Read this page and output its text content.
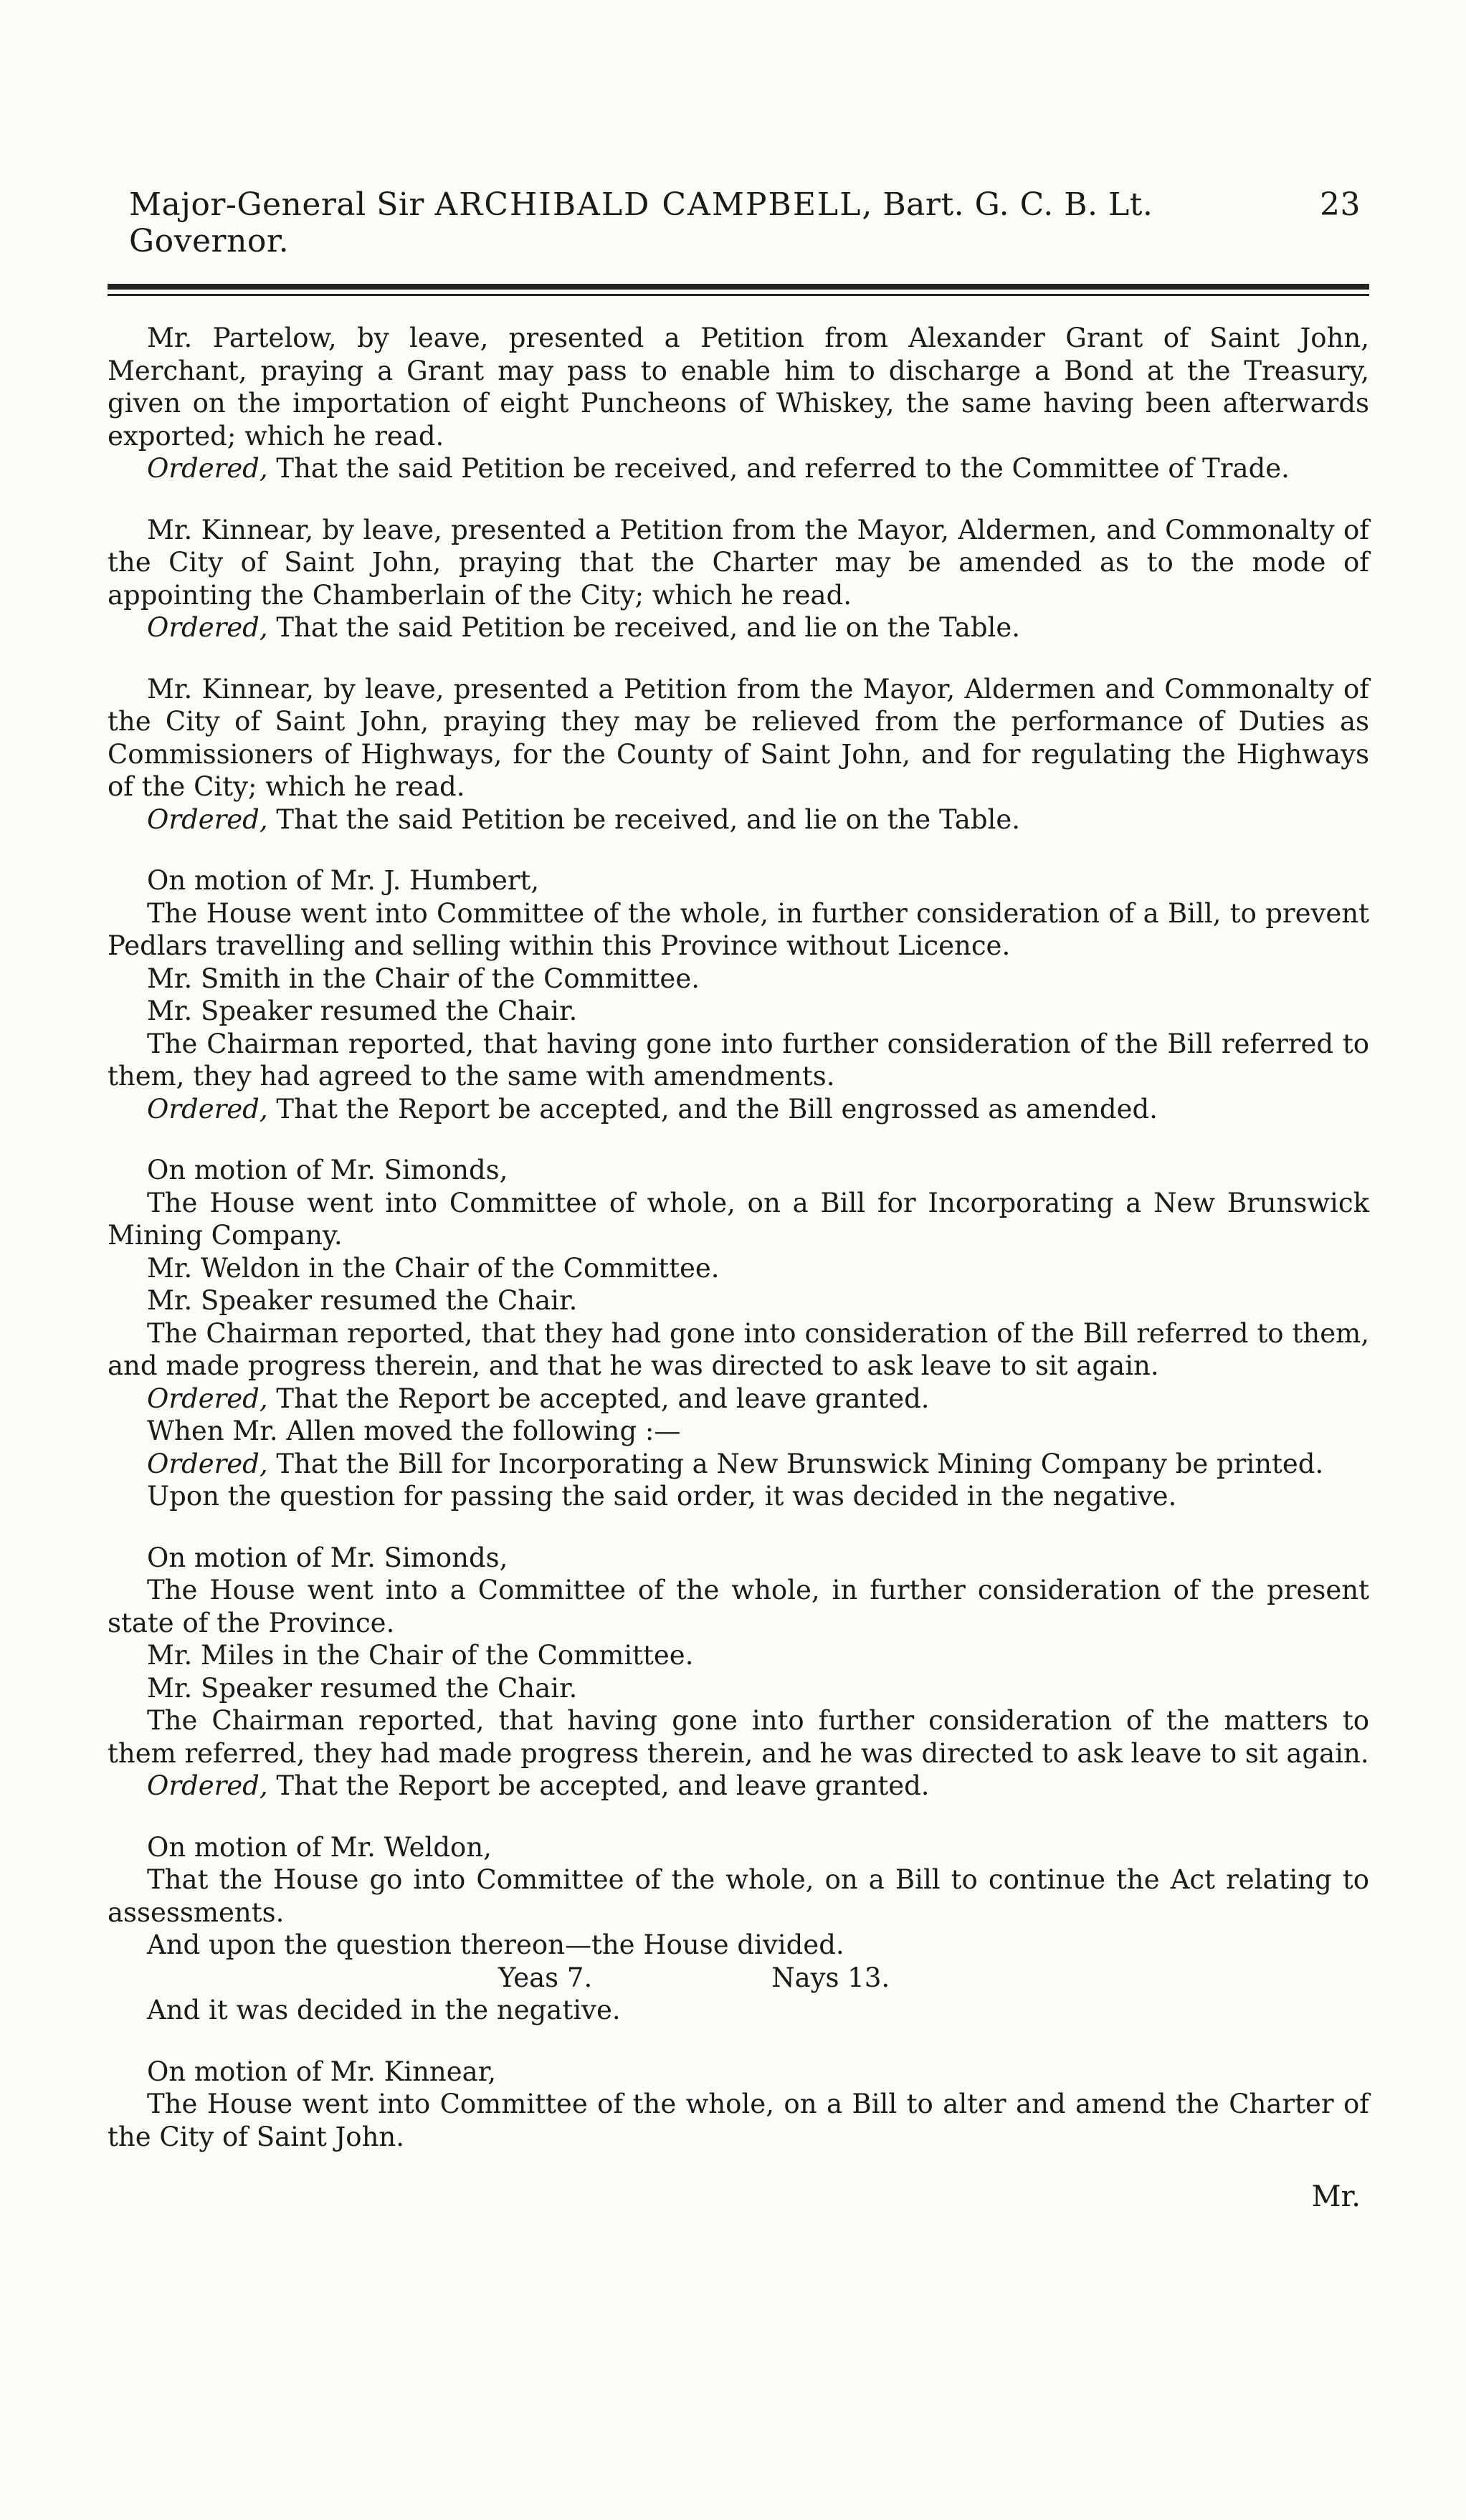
Major-General Sir ARCHIBALD CAMPBELL, Bart. G. C. B. Lt. Governor.
23

Mr. Partelow, by leave, presented a Petition from Alexander Grant of Saint John, Merchant, praying a Grant may pass to enable him to discharge a Bond at the Treasury, given on the importation of eight Puncheons of Whiskey, the same having been afterwards exported; which he read.

Ordered, That the said Petition be received, and referred to the Committee of Trade.

Mr. Kinnear, by leave, presented a Petition from the Mayor, Aldermen, and Commonalty of the City of Saint John, praying that the Charter may be amended as to the mode of appointing the Chamberlain of the City; which he read.

Ordered, That the said Petition be received, and lie on the Table.

Mr. Kinnear, by leave, presented a Petition from the Mayor, Aldermen and Commonalty of the City of Saint John, praying they may be relieved from the performance of Duties as Commissioners of Highways, for the County of Saint John, and for regulating the Highways of the City; which he read.

Ordered, That the said Petition be received, and lie on the Table.

On motion of Mr. J. Humbert,

The House went into Committee of the whole, in further consideration of a Bill, to prevent Pedlars travelling and selling within this Province without Licence.

Mr. Smith in the Chair of the Committee.

Mr. Speaker resumed the Chair.

The Chairman reported, that having gone into further consideration of the Bill referred to them, they had agreed to the same with amendments.

Ordered, That the Report be accepted, and the Bill engrossed as amended.

On motion of Mr. Simonds,

The House went into Committee of whole, on a Bill for Incorporating a New Brunswick Mining Company.

Mr. Weldon in the Chair of the Committee.

Mr. Speaker resumed the Chair.

The Chairman reported, that they had gone into consideration of the Bill referred to them, and made progress therein, and that he was directed to ask leave to sit again.

Ordered, That the Report be accepted, and leave granted.

When Mr. Allen moved the following :—

Ordered, That the Bill for Incorporating a New Brunswick Mining Company be printed.

Upon the question for passing the said order, it was decided in the negative.

On motion of Mr. Simonds,

The House went into a Committee of the whole, in further consideration of the present state of the Province.

Mr. Miles in the Chair of the Committee.

Mr. Speaker resumed the Chair.

The Chairman reported, that having gone into further consideration of the matters to them referred, they had made progress therein, and he was directed to ask leave to sit again.

Ordered, That the Report be accepted, and leave granted.

On motion of Mr. Weldon,

That the House go into Committee of the whole, on a Bill to continue the Act relating to assessments.

And upon the question thereon—the House divided.

Yeas 7.	Nays 13.

And it was decided in the negative.

On motion of Mr. Kinnear,

The House went into Committee of the whole, on a Bill to alter and amend the Charter of the City of Saint John.

Mr.
